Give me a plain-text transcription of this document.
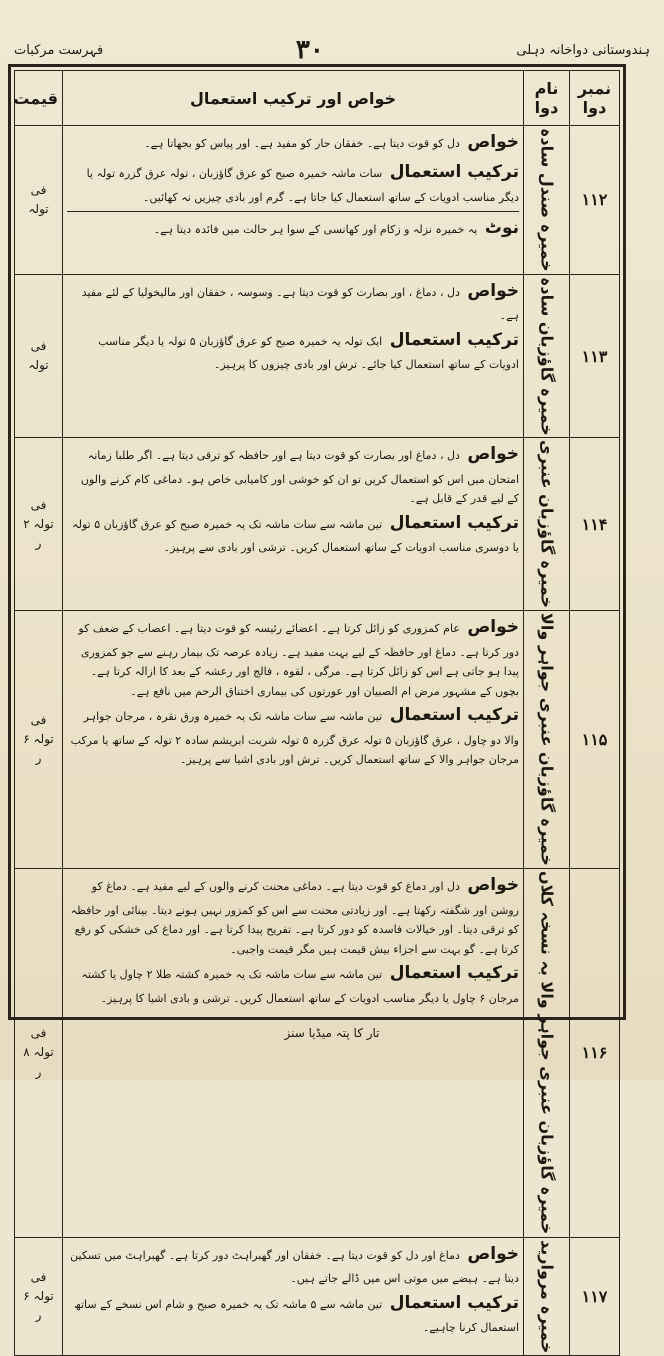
ہندوستانی دواخانہ دہلی
۳۰
فہرست مرکبات
نمبر دوا	نام دوا	خواص اور ترکیب استعمال	قیمت
۱۱۲	خمیرہ صندل سادہ	خواص دل کو قوت دیتا ہے۔ خفقان حار کو مفید ہے۔ اور پیاس کو بجھاتا ہے۔
ترکیب استعمال سات ماشہ خمیرہ صبح کو عرق گاؤزبان ، تولہ عرق گزرہ تولہ یا دیگر مناسب ادویات کے ساتھ استعمال کیا جاتا ہے۔ گرم اور بادی چیزیں نہ کھائیں۔
نوٹ یہ خمیرہ نزلہ و زکام اور کھانسی کے سوا ہر حالت میں فائدہ دیتا ہے۔	فی تولہ
۱۱۳	خمیرہ گاؤزبان سادہ	خواص دل ، دماغ ، اور بصارت کو قوت دیتا ہے۔ وسوسہ ، خفقان اور مالیخولیا کے لئے مفید ہے۔
ترکیب استعمال ایک تولہ یہ خمیرہ صبح کو عرق گاؤزبان ۵ تولہ یا دیگر مناسب ادویات کے ساتھ استعمال کیا جائے۔ ترش اور بادی چیزوں کا پرہیز۔	فی تولہ
۱۱۴	خمیرہ گاؤزبان عنبری	خواص دل ، دماغ اور بصارت کو قوت دیتا ہے اور حافظہ کو ترقی دیتا ہے۔ اگر طلبا زمانہ امتحان میں اس کو استعمال کریں تو ان کو خوشی اور کامیابی خاص ہو۔ دماغی کام کرنے والوں کے لیے قدر کے قابل ہے۔
ترکیب استعمال تین ماشہ سے سات ماشہ تک یہ خمیرہ صبح کو عرق گاؤزبان ۵ تولہ یا دوسری مناسب ادویات کے ساتھ استعمال کریں۔ ترشی اور بادی سے پرہیز۔	فی تولہ ۲ ر
۱۱۵	خمیرہ گاؤزبان عنبری جواہر والا	خواص عام کمزوری کو زائل کرتا ہے۔ اعضائے رئیسہ کو قوت دیتا ہے۔ اعصاب کے ضعف کو دور کرتا ہے۔ دماغ اور حافظہ کے لیے بہت مفید ہے۔ زیادہ عرصہ تک بیمار رہنے سے جو کمزوری پیدا ہو جاتی ہے اس کو زائل کرتا ہے۔ مرگی ، لقوہ ، فالج اور رعشہ کے بعد کا ازالہ کرتا ہے۔ بچوں کے مشہور مرض ام الصبیان اور عورتوں کی بیماری اختناق الرحم میں نافع ہے۔
ترکیب استعمال تین ماشہ سے سات ماشہ تک یہ خمیرہ ورق نقرہ ، مرجان جواہر والا دو چاول ، عرق گاؤزبان ۵ تولہ عرق گزرہ ۵ تولہ شربت ابریشم سادہ ۲ تولہ کے ساتھ یا مرکب مرجان جواہر والا کے ساتھ استعمال کریں۔ ترش اور بادی اشیا سے پرہیز۔	فی تولہ ۶ ر
۱۱۶	خمیرہ گاؤزبان عنبری جواہر والا بہ نسخہ کلاں	خواص دل اور دماغ کو قوت دیتا ہے۔ دماغی محنت کرنے والوں کے لیے مفید ہے۔ دماغ کو روشن اور شگفتہ رکھتا ہے۔ اور زیادتی محنت سے اس کو کمزور نہیں ہونے دیتا۔ بینائی اور حافظہ کو ترقی دیتا۔ اور خیالات فاسدہ کو دور کرتا ہے۔ تفریح پیدا کرتا ہے۔ اور دماغ کی خشکی کو رفع کرتا ہے۔ گو بہت سے اجزاء بیش قیمت ہیں مگر قیمت واجبی۔
ترکیب استعمال تین ماشہ سے سات ماشہ تک یہ خمیرہ کشتہ طلا ۲ چاول یا کشتہ مرجان ۶ چاول یا دیگر مناسب ادویات کے ساتھ استعمال کریں۔ ترشی و بادی اشیا کا پرہیز۔	فی تولہ ۸ ر
۱۱۷	خمیرہ مروارید	خواص دماغ اور دل کو قوت دیتا ہے۔ خفقان اور گھبراہٹ دور کرتا ہے۔ گھبراہٹ میں تسکین دیتا ہے۔ ہیضے میں موتی اس میں ڈالے جاتے ہیں۔
ترکیب استعمال تین ماشہ سے ۵ ماشہ تک یہ خمیرہ صبح و شام اس نسخے کے ساتھ استعمال کرنا چاہیے۔	فی تولہ ۶ ر
تار کا پتہ میڈیا سنز
